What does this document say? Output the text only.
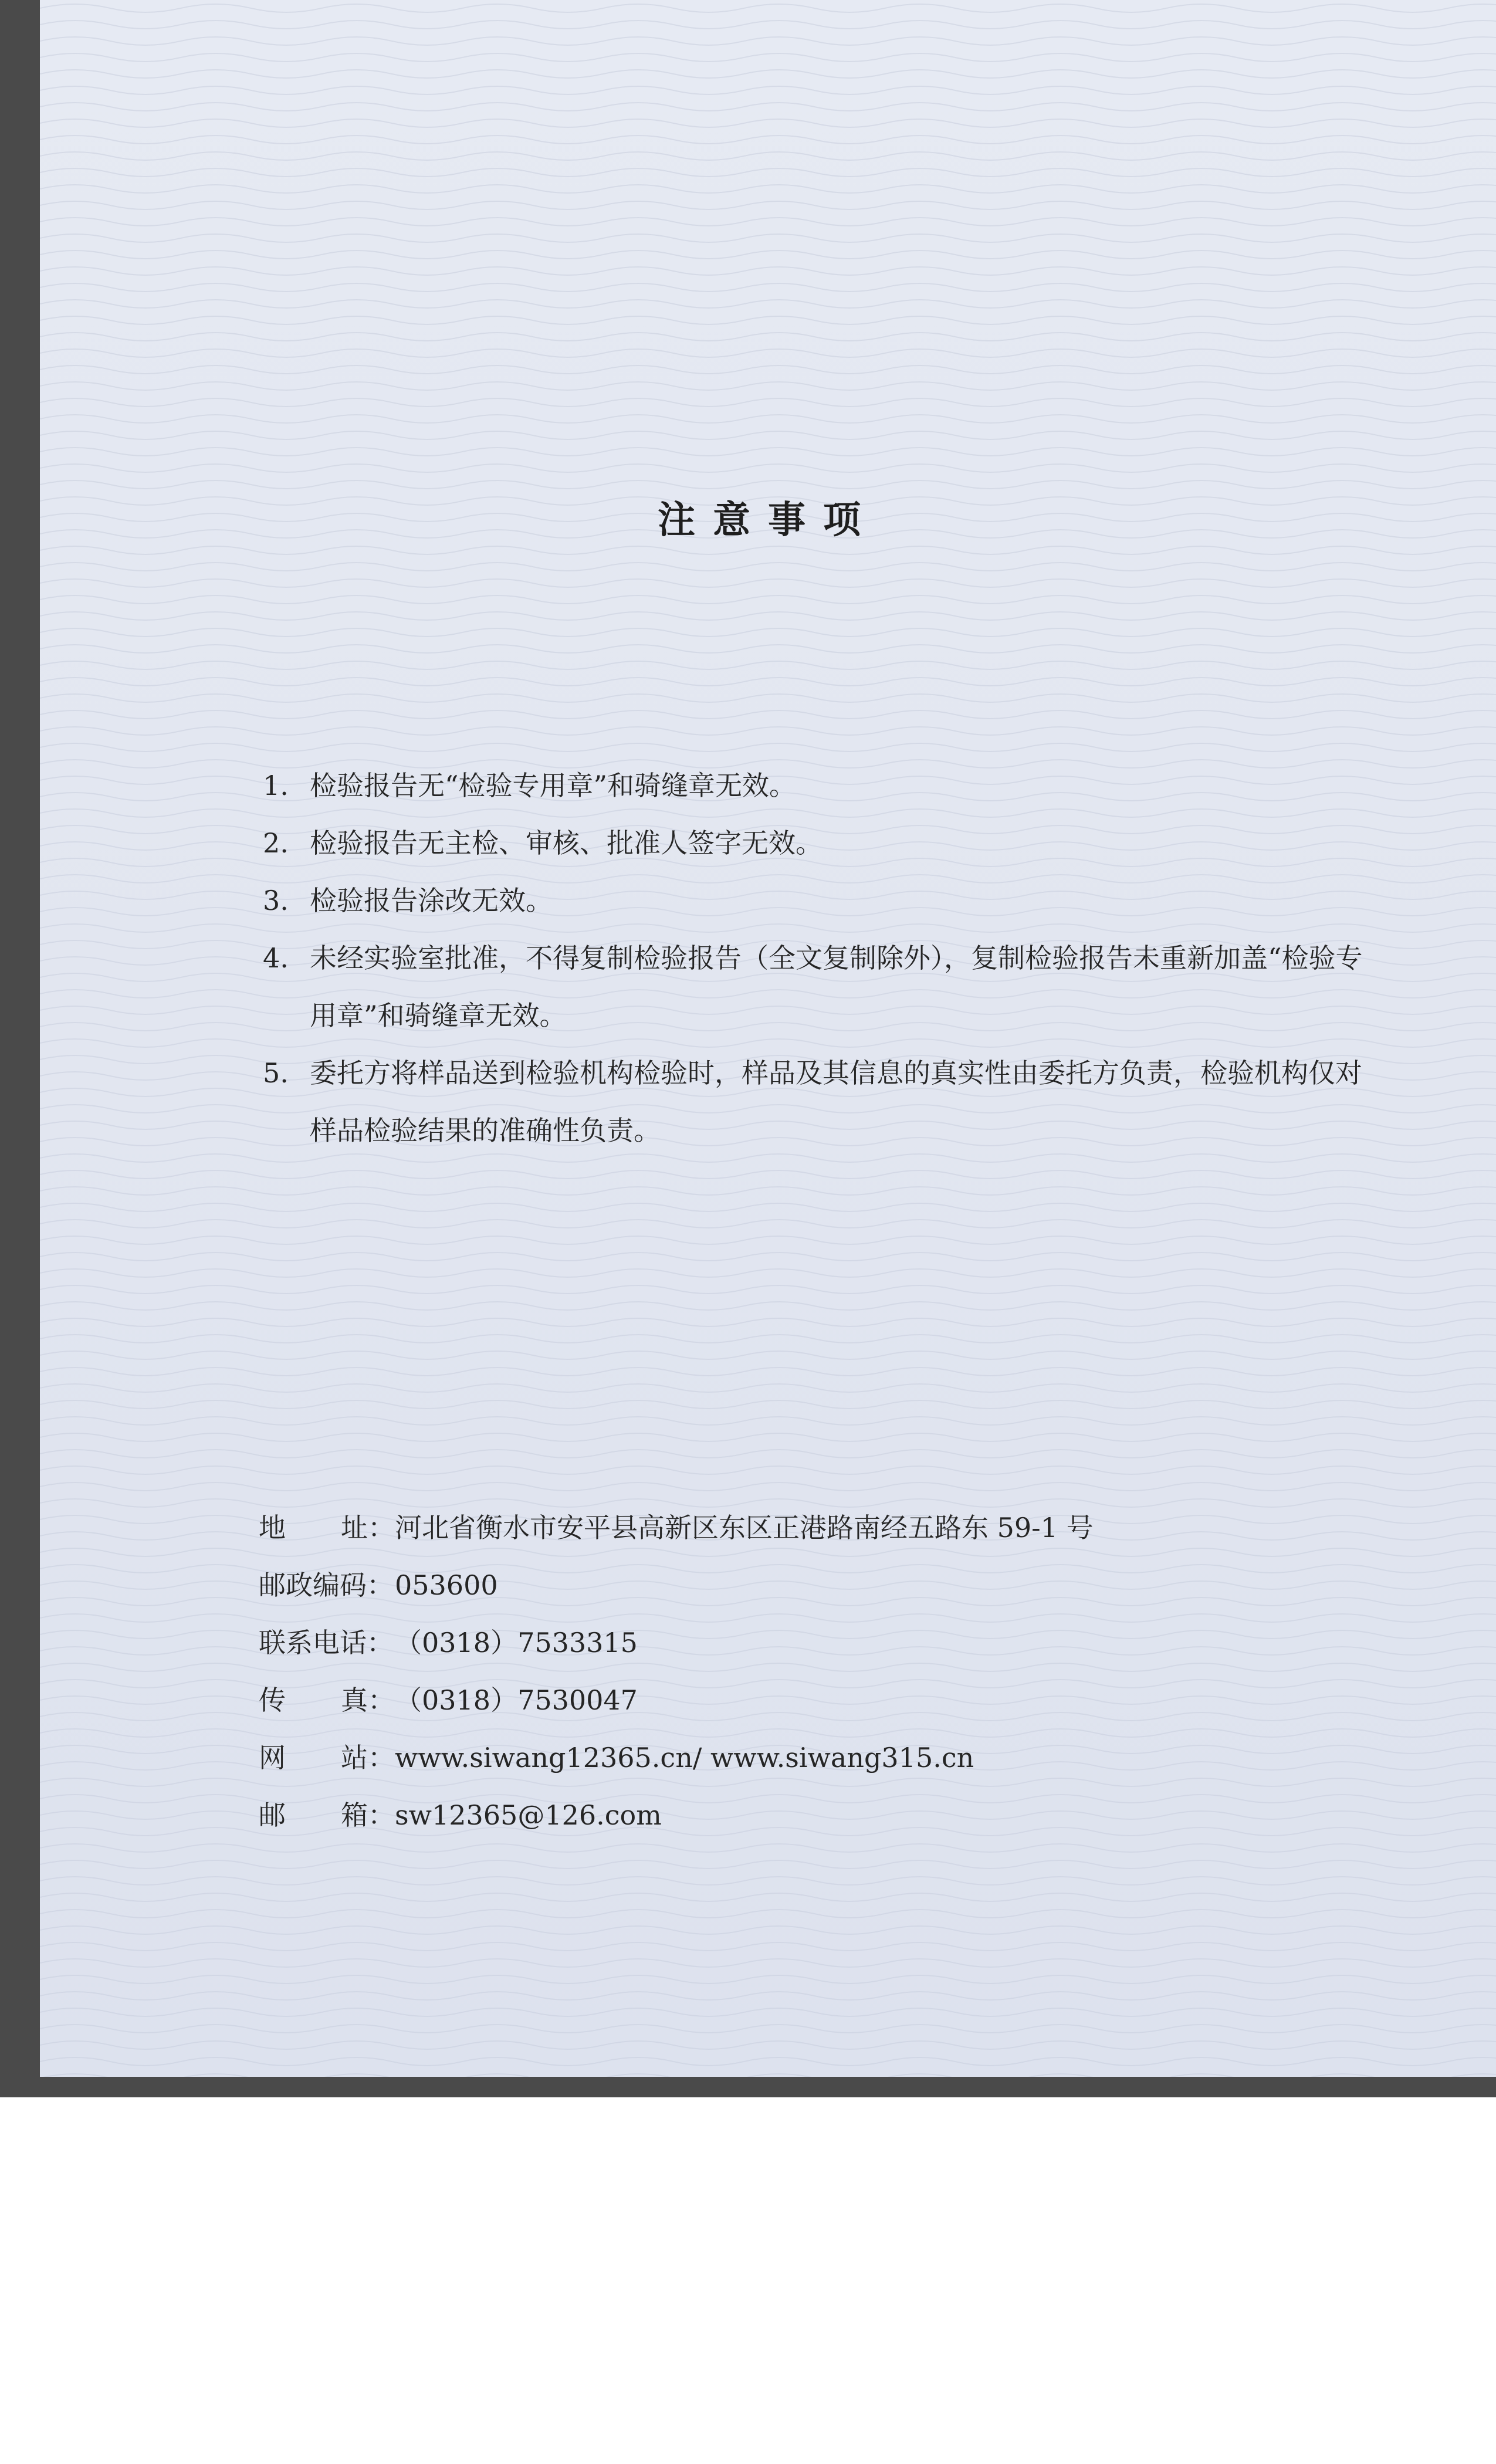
注意事项
1. 检验报告无“检验专用章”和骑缝章无效。
2. 检验报告无主检、审核、批准人签字无效。
3. 检验报告涂改无效。
4. 未经实验室批准，不得复制检验报告（全文复制除外），复制检验报告未重新加盖“检验专用章”和骑缝章无效。
5. 委托方将样品送到检验机构检验时，样品及其信息的真实性由委托方负责，检验机构仅对样品检验结果的准确性负责。
地 址： 河北省衡水市安平县高新区东区正港路南经五路东 59-1 号
邮政编码 ： 053600
联系电话 ： （0318）7533315
传 真： （0318）7530047
网 站： www.siwang12365.cn/ www.siwang315.cn
邮 箱： sw12365@126.com
